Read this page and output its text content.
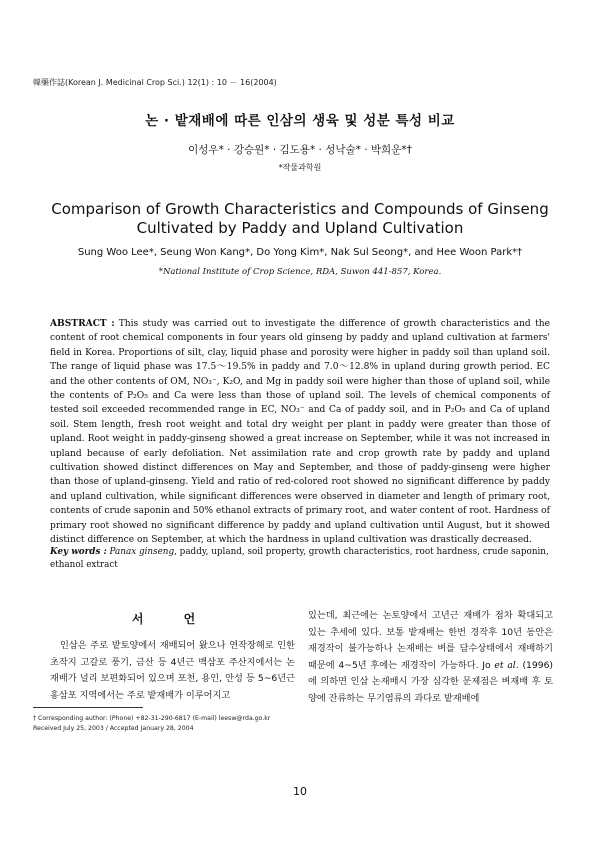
韓藥作誌(Korean J. Medicinal Crop Sci.) 12(1) : 10 － 16(2004)
논 · 밭재배에 따른 인삼의 생육 및 성분 특성 비교
이성우* · 강승원* · 김도용* · 성낙술* · 박희운*†
*작물과학원
Comparison of Growth Characteristics and Compounds of Ginseng
Cultivated by Paddy and Upland Cultivation
Sung Woo Lee*, Seung Won Kang*, Do Yong Kim*, Nak Sul Seong*, and Hee Woon Park*†
*National Institute of Crop Science, RDA, Suwon 441-857, Korea.
ABSTRACT : This study was carried out to investigate the difference of growth characteristics and the content of root chemical components in four years old ginseng by paddy and upland cultivation at farmers' field in Korea. Proportions of silt, clay, liquid phase and porosity were higher in paddy soil than upland soil. The range of liquid phase was 17.5～19.5% in paddy and 7.0～12.8% in upland during growth period. EC and the other contents of OM, NO₃⁻, K₂O, and Mg in paddy soil were higher than those of upland soil, while the contents of P₂O₅ and Ca were less than those of upland soil. The levels of chemical components of tested soil exceeded recommended range in EC, NO₃⁻ and Ca of paddy soil, and in P₂O₅ and Ca of upland soil. Stem length, fresh root weight and total dry weight per plant in paddy were greater than those of upland. Root weight in paddy-ginseng showed a great increase on September, while it was not increased in upland because of early defoliation. Net assimilation rate and crop growth rate by paddy and upland cultivation showed distinct differences on May and September, and those of paddy-ginseng were higher than those of upland-ginseng. Yield and ratio of red-colored root showed no significant difference by paddy and upland cultivation, while significant differences were observed in diameter and length of primary root, contents of crude saponin and 50% ethanol extracts of primary root, and water content of root. Hardness of primary root showed no significant difference by paddy and upland cultivation until August, but it showed distinct difference on September, at which the hardness in upland cultivation was drastically decreased.
Key words : Panax ginseng, paddy, upland, soil property, growth characteristics, root hardness, crude saponin, ethanol extract
서 언
인삼은 주로 밭토양에서 재배되어 왔으나 연작장해로 인한 초작지 고갈로 풍기, 금산 등 4년근 백삼포 주산지에서는 논재배가 널리 보편화되어 있으며 포천, 용인, 안성 등 5~6년근 홍삼포 지역에서는 주로 밭재배가 이루어지고
있는데, 최근에는 논토양에서 고년근 재배가 점차 확대되고 있는 추세에 있다. 보통 밭재배는 한번 경작후 10년 동안은 재경작이 불가능하나 논재배는 벼를 담수상태에서 재배하기 때문에 4~5년 후에는 재경작이 가능하다. Jo et al. (1996)에 의하면 인삼 논재배시 가장 심각한 문제점은 벼재배 후 토양에 잔류하는 무기염류의 과다로 밭재배에
† Corresponding author: (Phone) +82-31-290-6817 (E-mail) leesw@rda.go.kr
Received July 25, 2003 / Accepted January 28, 2004
10
